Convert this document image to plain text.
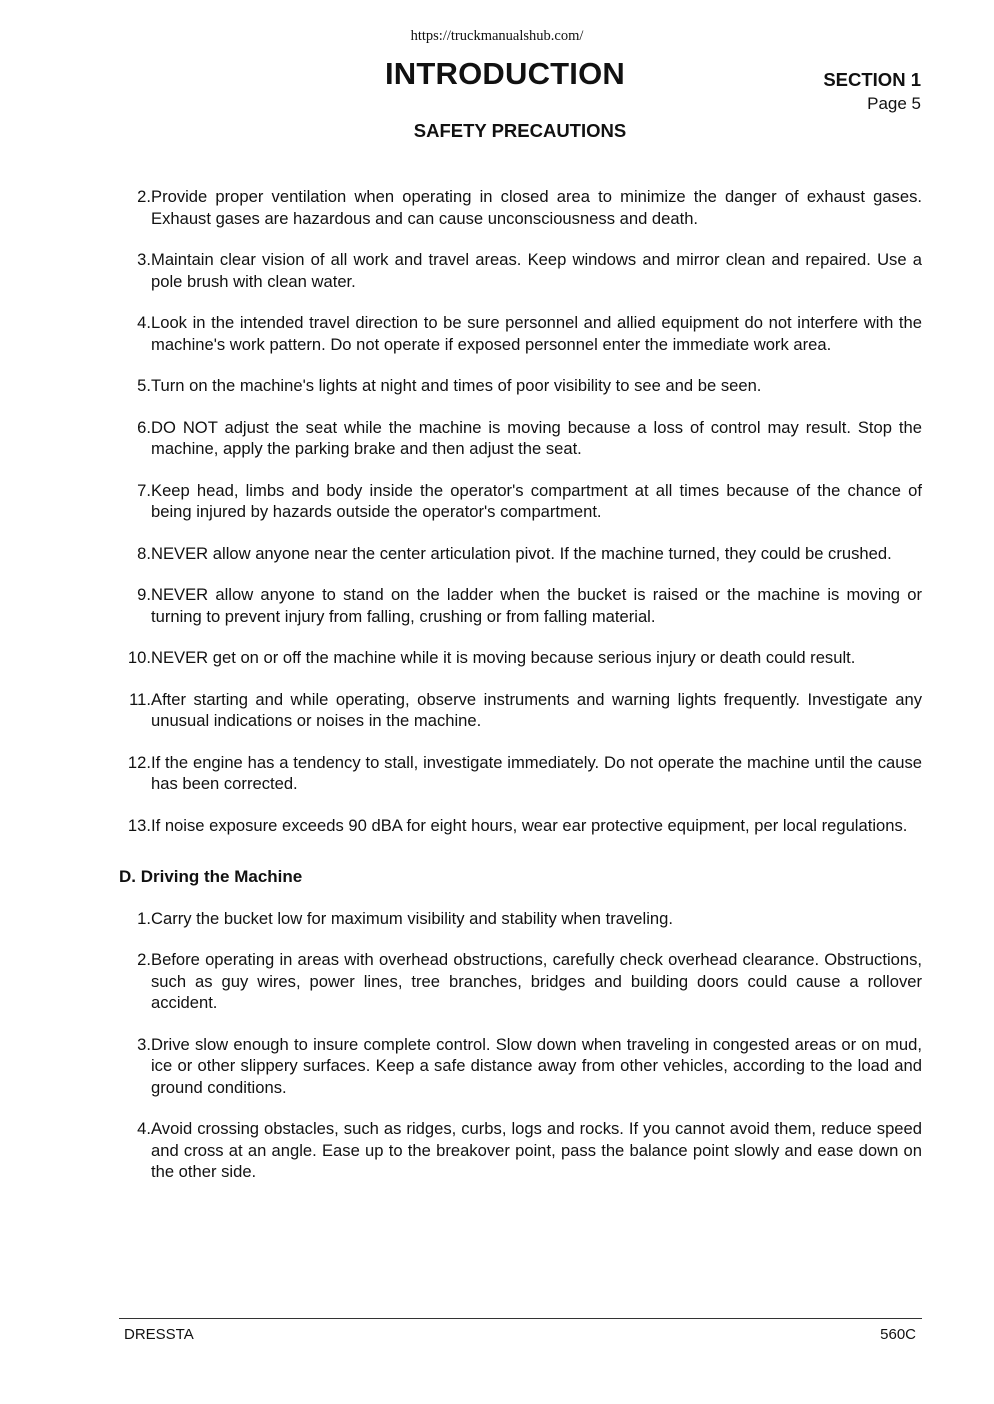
https://truckmanualshub.com/
INTRODUCTION	SECTION 1
Page 5
SAFETY PRECAUTIONS
2. Provide proper ventilation when operating in closed area to minimize the danger of exhaust gases. Exhaust gases are hazardous and can cause unconsciousness and death.
3. Maintain clear vision of all work and travel areas. Keep windows and mirror clean and repaired. Use a pole brush with clean water.
4. Look in the intended travel direction to be sure personnel and allied equipment do not interfere with the machine's work pattern. Do not operate if exposed personnel enter the immediate work area.
5. Turn on the machine's lights at night and times of poor visibility to see and be seen.
6. DO NOT adjust the seat while the machine is moving because a loss of control may result. Stop the machine, apply the parking brake and then adjust the seat.
7. Keep head, limbs and body inside the operator's compartment at all times because of the chance of being injured by hazards outside the operator's compartment.
8. NEVER allow anyone near the center articulation pivot. If the machine turned, they could be crushed.
9. NEVER allow anyone to stand on the ladder when the bucket is raised or the machine is moving or turning to prevent injury from falling, crushing or from falling material.
10. NEVER get on or off the machine while it is moving because serious injury or death could result.
11. After starting and while operating, observe instruments and warning lights frequently. Investigate any unusual indications or noises in the machine.
12. If the engine has a tendency to stall, investigate immediately. Do not operate the machine until the cause has been corrected.
13. If noise exposure exceeds 90 dBA for eight hours, wear ear protective equipment, per local regulations.
D. Driving the Machine
1. Carry the bucket low for maximum visibility and stability when traveling.
2. Before operating in areas with overhead obstructions, carefully check overhead clearance. Obstructions, such as guy wires, power lines, tree branches, bridges and building doors could cause a rollover accident.
3. Drive slow enough to insure complete control. Slow down when traveling in congested areas or on mud, ice or other slippery surfaces. Keep a safe distance away from other vehicles, according to the load and ground conditions.
4. Avoid crossing obstacles, such as ridges, curbs, logs and rocks. If you cannot avoid them, reduce speed and cross at an angle. Ease up to the breakover point, pass the balance point slowly and ease down on the other side.
DRESSTA	560C
